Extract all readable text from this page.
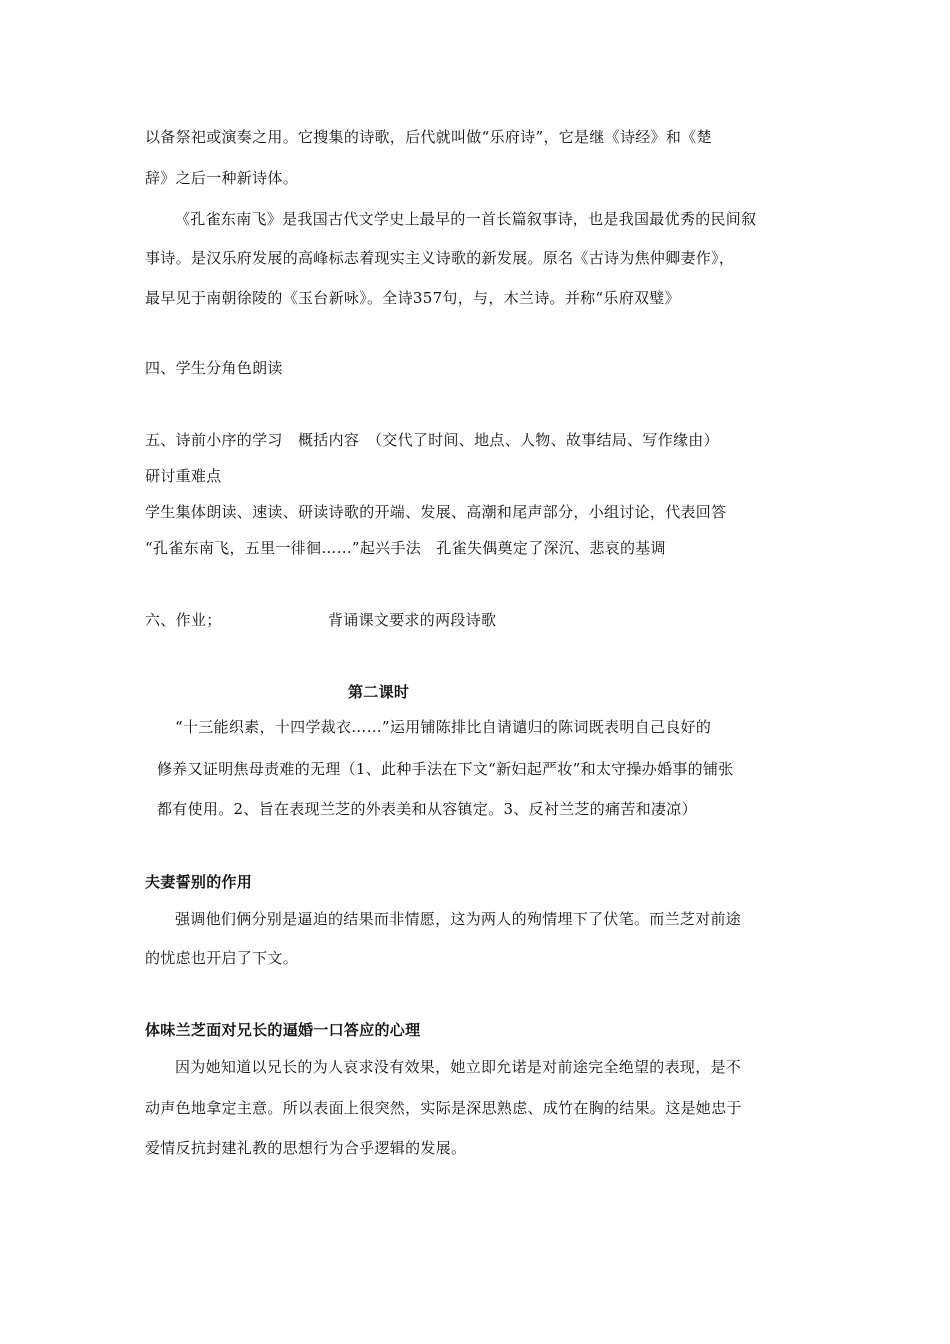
以备祭祀或演奏之用。它搜集的诗歌，后代就叫做“乐府诗”，它是继《诗经》和《楚
辞》之后一种新诗体。
《孔雀东南飞》是我国古代文学史上最早的一首长篇叙事诗，也是我国最优秀的民间叙
事诗。是汉乐府发展的高峰标志着现实主义诗歌的新发展。原名《古诗为焦仲卿妻作》，
最早见于南朝徐陵的《玉台新咏》。全诗357句，与，木兰诗。并称“乐府双璧》
四、学生分角色朗读
五、诗前小序的学习　概括内容　（交代了时间、地点、人物、故事结局、写作缘由）
研讨重难点
学生集体朗读、速读、研读诗歌的开端、发展、高潮和尾声部分，小组讨论，代表回答
“孔雀东南飞，五里一徘徊……”起兴手法　孔雀失偶奠定了深沉、悲哀的基调
六、作业；	背诵课文要求的两段诗歌
第二课时
“十三能织素，十四学裁衣……”运用铺陈排比自请谴归的陈词既表明自己良好的
修养又证明焦母责难的无理（1、此种手法在下文“新妇起严妆”和太守操办婚事的铺张
都有使用。2、旨在表现兰芝的外表美和从容镇定。3、反衬兰芝的痛苦和凄凉）
夫妻誓别的作用
强调他们俩分别是逼迫的结果而非情愿，这为两人的殉情埋下了伏笔。而兰芝对前途
的忧虑也开启了下文。
体味兰芝面对兄长的逼婚一口答应的心理
因为她知道以兄长的为人哀求没有效果，她立即允诺是对前途完全绝望的表现，是不
动声色地拿定主意。所以表面上很突然，实际是深思熟虑、成竹在胸的结果。这是她忠于
爱情反抗封建礼教的思想行为合乎逻辑的发展。
